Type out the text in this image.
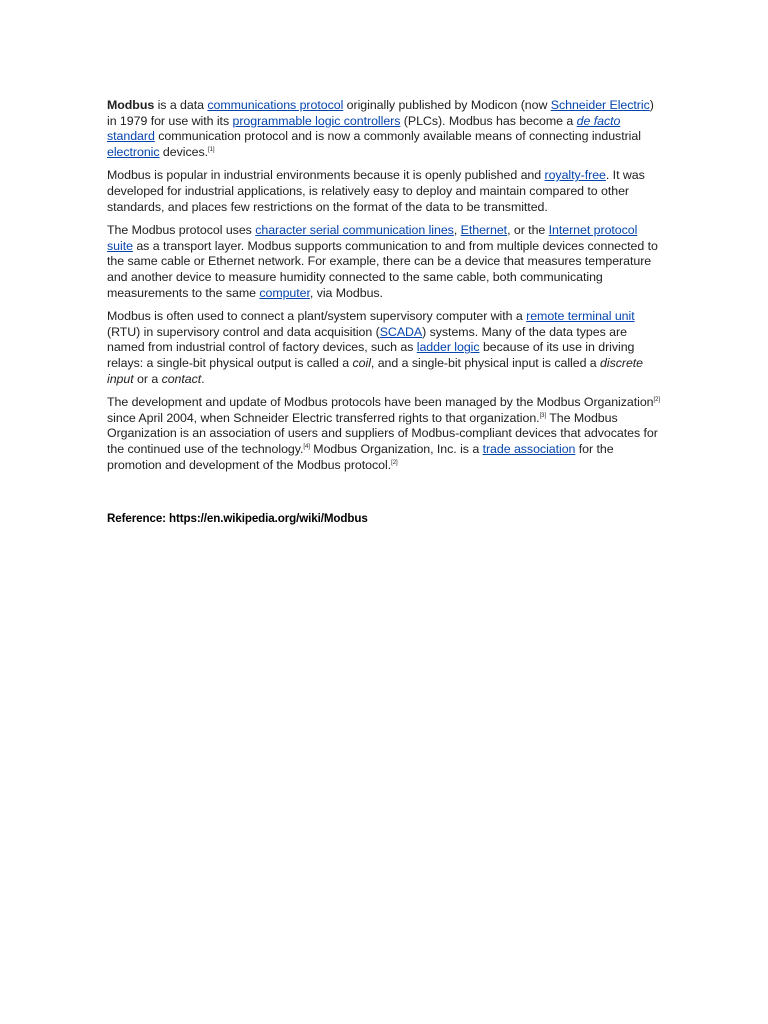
Modbus is a data communications protocol originally published by Modicon (now Schneider Electric) in 1979 for use with its programmable logic controllers (PLCs). Modbus has become a de facto standard communication protocol and is now a commonly available means of connecting industrial electronic devices.[1]

Modbus is popular in industrial environments because it is openly published and royalty-free. It was developed for industrial applications, is relatively easy to deploy and maintain compared to other standards, and places few restrictions on the format of the data to be transmitted.

The Modbus protocol uses character serial communication lines, Ethernet, or the Internet protocol suite as a transport layer. Modbus supports communication to and from multiple devices connected to the same cable or Ethernet network. For example, there can be a device that measures temperature and another device to measure humidity connected to the same cable, both communicating measurements to the same computer, via Modbus.

Modbus is often used to connect a plant/system supervisory computer with a remote terminal unit (RTU) in supervisory control and data acquisition (SCADA) systems. Many of the data types are named from industrial control of factory devices, such as ladder logic because of its use in driving relays: a single-bit physical output is called a coil, and a single-bit physical input is called a discrete input or a contact.

The development and update of Modbus protocols have been managed by the Modbus Organization[2] since April 2004, when Schneider Electric transferred rights to that organization.[3] The Modbus Organization is an association of users and suppliers of Modbus-compliant devices that advocates for the continued use of the technology.[4] Modbus Organization, Inc. is a trade association for the promotion and development of the Modbus protocol.[2]

Reference: https://en.wikipedia.org/wiki/Modbus
